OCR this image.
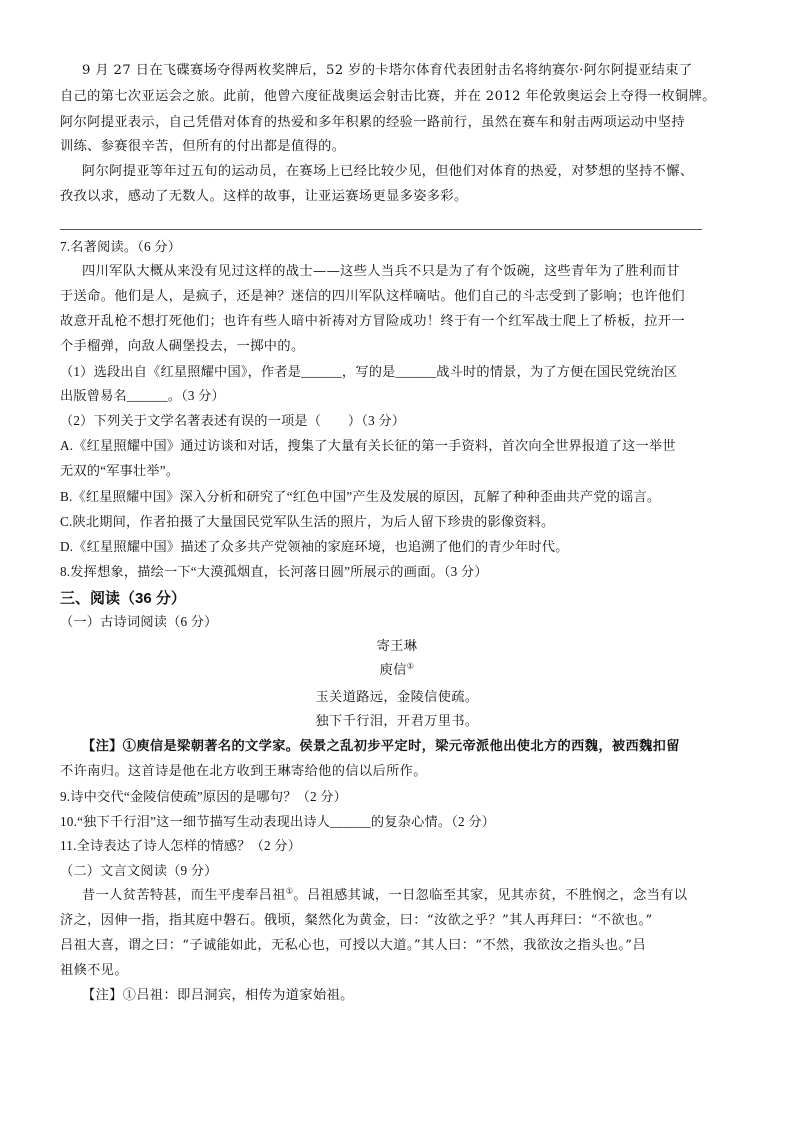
9 月 27 日在飞碟赛场夺得两枚奖牌后，52 岁的卡塔尔体育代表团射击名将纳赛尔·阿尔阿提亚结束了
自己的第七次亚运会之旅。此前，他曾六度征战奥运会射击比赛，并在 2012 年伦敦奥运会上夺得一枚铜牌。
阿尔阿提亚表示，自己凭借对体育的热爱和多年积累的经验一路前行，虽然在赛车和射击两项运动中坚持
训练、参赛很辛苦，但所有的付出都是值得的。
阿尔阿提亚等年过五旬的运动员，在赛场上已经比较少见，但他们对体育的热爱，对梦想的坚持不懈、
孜孜以求，感动了无数人。这样的故事，让亚运赛场更显多姿多彩。
7.名著阅读。（6 分）
四川军队大概从来没有见过这样的战士——这些人当兵不只是为了有个饭碗，这些青年为了胜利而甘
于送命。他们是人，是疯子，还是神？迷信的四川军队这样嘀咕。他们自己的斗志受到了影响；也许他们
故意开乱枪不想打死他们；也许有些人暗中祈祷对方冒险成功！终于有一个红军战士爬上了桥板，拉开一
个手榴弹，向敌人碉堡投去，一掷中的。
（1）选段出自《红星照耀中国》，作者是______，写的是______战斗时的情景，为了方便在国民党统治区
出版曾易名______。（3 分）
（2）下列关于文学名著表述有误的一项是（　　）（3 分）
A.《红星照耀中国》通过访谈和对话，搜集了大量有关长征的第一手资料，首次向全世界报道了这一举世
无双的“军事壮举”。
B.《红星照耀中国》深入分析和研究了“红色中国”产生及发展的原因，瓦解了种种歪曲共产党的谣言。
C.陕北期间，作者拍摄了大量国民党军队生活的照片，为后人留下珍贵的影像资料。
D.《红星照耀中国》描述了众多共产党领袖的家庭环境，也追溯了他们的青少年时代。
8.发挥想象，描绘一下“大漠孤烟直，长河落日圆”所展示的画面。（3 分）
三、阅读（36 分）
（一）古诗词阅读（6 分）
寄王琳
庾信①
玉关道路远，金陵信使疏。
独下千行泪，开君万里书。
【注】①庾信是梁朝著名的文学家。侯景之乱初步平定时，梁元帝派他出使北方的西魏，被西魏扣留
不许南归。这首诗是他在北方收到王琳寄给他的信以后所作。
9.诗中交代“金陵信使疏”原因的是哪句？（2 分）
10.“独下千行泪”这一细节描写生动表现出诗人______的复杂心情。（2 分）
11.全诗表达了诗人怎样的情感？（2 分）
（二）文言文阅读（9 分）
昔一人贫苦特甚，而生平虔奉吕祖①。吕祖感其诚，一日忽临至其家，见其赤贫，不胜悯之，念当有以
济之，因伸一指，指其庭中磐石。俄顷，粲然化为黄金，曰：“汝欲之乎？”其人再拜曰：“不欲也。”
吕祖大喜，谓之曰：“子诚能如此，无私心也，可授以大道。”其人曰：“不然，我欲汝之指头也。”吕
祖倏不见。
【注】①吕祖：即吕洞宾，相传为道家始祖。
